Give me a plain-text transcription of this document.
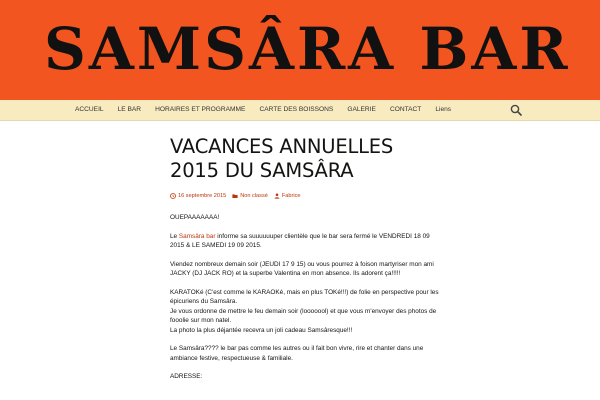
SAMSÂRA BAR
ACCUEIL	LE BAR	HORAIRES ET PROGRAMME	CARTE DES BOISSONS	GALERIE	CONTACT	Liens
VACANCES ANNUELLES 2015 DU SAMSÂRA
16 septembre 2015	Non classé	Fabrice

OUEPAAAAAAA!

Le Samsâra bar informe sa suuuuuuper clientèle que le bar sera fermé le VENDREDI 18 09 2015 & LE SAMEDI 19 09 2015.

Viendez nombreux demain soir (JEUDI 17 9 15) ou vous pourrez à foison martyriser mon ami JACKY (DJ JACK RO) et la superbe Valentina en mon absence. Ils adorent ça!!!!!

KARATOKé (C'est comme le KARAOKé, mais en plus TOKé!!!) de folie en perspective pour les épicuriens du Samsâra.
Je vous ordonne de mettre le feu demain soir (looooool) et que vous m'envoyer des photos de fooolie sur mon natel.
La photo la plus déjantée recevra un joli cadeau Samsâresque!!!

Le Samsâra???? le bar pas comme les autres ou il fait bon vivre, rire et chanter dans une ambiance festive, respectueuse & familiale.

ADRESSE:
